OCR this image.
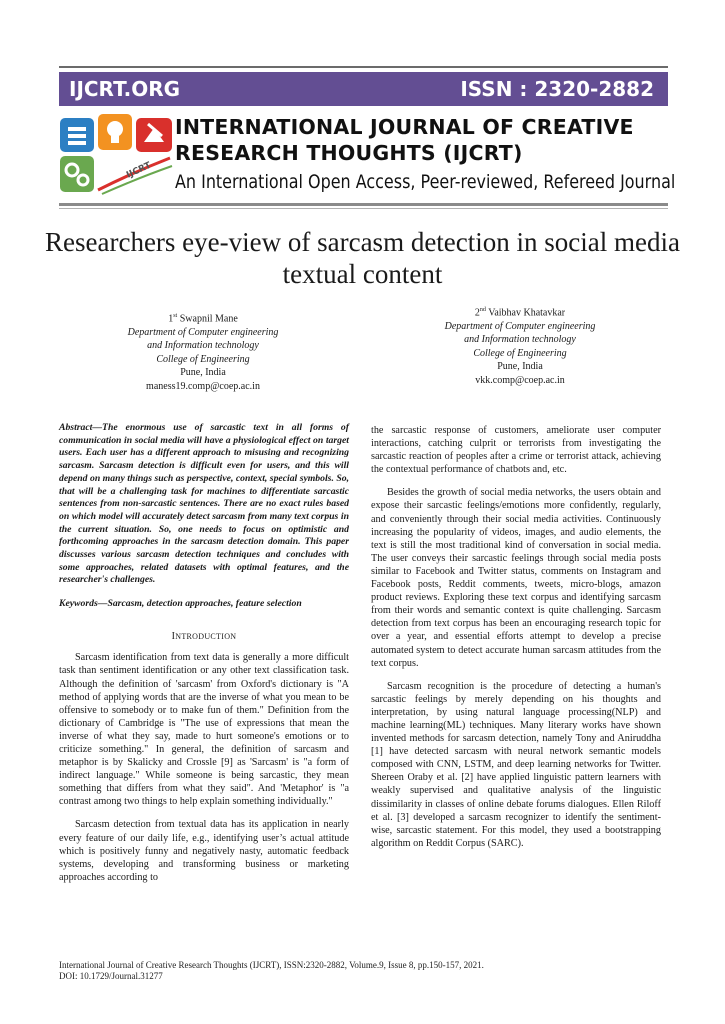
IJCRT.ORG	ISSN : 2320-2882
IJCRT
INTERNATIONAL JOURNAL OF CREATIVE
RESEARCH THOUGHTS (IJCRT)
An International Open Access, Peer-reviewed, Refereed Journal
Researchers eye-view of sarcasm detection in social media textual content
1st Swapnil Mane
Department of Computer engineering
and Information technology
College of Engineering
Pune, India
maness19.comp@coep.ac.in
2nd Vaibhav Khatavkar
Department of Computer engineering
and Information technology
College of Engineering
Pune, India
vkk.comp@coep.ac.in

Abstract—The enormous use of sarcastic text in all forms of communication in social media will have a physiological effect on target users. Each user has a different approach to misusing and recognizing sarcasm. Sarcasm detection is difficult even for users, and this will depend on many things such as perspective, context, special symbols. So, that will be a challenging task for machines to differentiate sarcastic sentences from non-sarcastic sentences. There are no exact rules based on which model will accurately detect sarcasm from many text corpus in the current situation. So, one needs to focus on optimistic and forthcoming approaches in the sarcasm detection domain. This paper discusses various sarcasm detection techniques and concludes with some approaches, related datasets with optimal features, and the researcher's challenges.

Keywords—Sarcasm, detection approaches, feature selection

INTRODUCTION

Sarcasm identification from text data is generally a more difficult task than sentiment identification or any other text classification task. Although the definition of 'sarcasm' from Oxford's dictionary is "A method of applying words that are the inverse of what you mean to be offensive to somebody or to make fun of them." Definition from the dictionary of Cambridge is "The use of expressions that mean the inverse of what they say, made to hurt someone's emotions or to criticize something." In general, the definition of sarcasm and metaphor is by Skalicky and Crossle [9] as 'Sarcasm' is "a form of indirect language." While someone is being sarcastic, they mean something that differs from what they said". And 'Metaphor' is "a contrast among two things to help explain something individually."

Sarcasm detection from textual data has its application in nearly every feature of our daily life, e.g., identifying user’s actual attitude which is positively funny and negatively nasty, automatic feedback systems, developing and transforming business or marketing approaches according to

the sarcastic response of customers, ameliorate user computer interactions, catching culprit or terrorists from investigating the sarcastic reaction of peoples after a crime or terrorist attack, achieving the contextual performance of chatbots and, etc.

Besides the growth of social media networks, the users obtain and expose their sarcastic feelings/emotions more confidently, regularly, and conveniently through their social media activities. Continuously increasing the popularity of videos, images, and audio elements, the text is still the most traditional kind of conversation in social media. The user conveys their sarcastic feelings through social media posts similar to Facebook and Twitter status, comments on Instagram and Facebook posts, Reddit comments, tweets, micro-blogs, amazon product reviews. Exploring these text corpus and identifying sarcasm from their words and semantic context is quite challenging. Sarcasm detection from text corpus has been an encouraging research topic for over a year, and essential efforts attempt to develop a precise automated system to detect accurate human sarcasm attitudes from the text corpus.

Sarcasm recognition is the procedure of detecting a human's sarcastic feelings by merely depending on his thoughts and interpretation, by using natural language processing(NLP) and machine learning(ML) techniques. Many literary works have shown invented methods for sarcasm detection, namely Tony and Aniruddha [1] have detected sarcasm with neural network semantic models composed with CNN, LSTM, and deep learning networks for Twitter. Shereen Oraby et al. [2] have applied linguistic pattern learners with weakly supervised and qualitative analysis of the linguistic dissimilarity in classes of online debate forums dialogues. Ellen Riloff et al. [3] developed a sarcasm recognizer to identify the sentiment-wise, sarcastic statement. For this model, they used a bootstrapping algorithm on Reddit Corpus (SARC).

International Journal of Creative Research Thoughts (IJCRT), ISSN:2320-2882, Volume.9, Issue 8, pp.150-157, 2021.
DOI: 10.1729/Journal.31277
